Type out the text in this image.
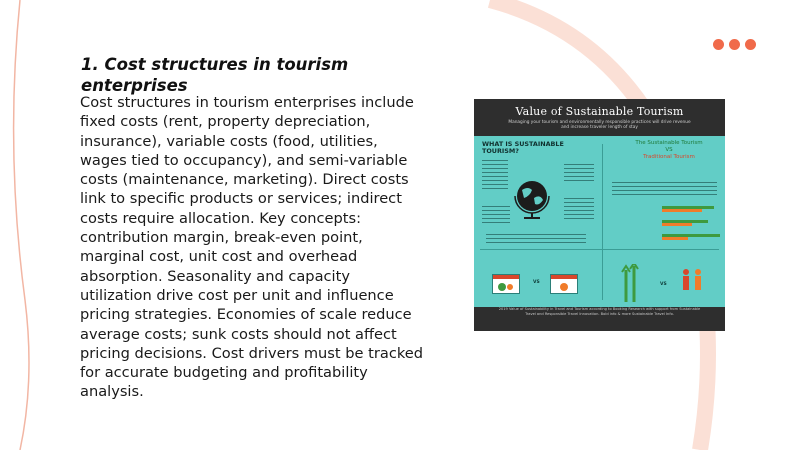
1. Cost structures in tourism enterprises

Cost structures in tourism enterprises include fixed costs (rent, property depreciation, insurance), variable costs (food, utilities, wages tied to occupancy), and semi-variable costs (maintenance, marketing). Direct costs link to specific products or services; indirect costs require allocation. Key concepts: contribution margin, break-even point, marginal cost, unit cost and overhead absorption. Seasonality and capacity utilization drive cost per unit and influence pricing strategies. Economies of scale reduce average costs; sunk costs should not affect pricing decisions. Cost drivers must be tracked for accurate budgeting and profitability analysis.

Value of Sustainable Tourism
Managing your tourism and environmentally responsible practices will drive revenue and increase traveler length of stay
WHAT IS SUSTAINABLE TOURISM?
The Sustainable Tourism
VS
Traditional Tourism
VS	VS
2019 Value of Sustainability in Travel and Tourism according to Booking Research with support from Sustainable Travel and Responsible Travel Innovation. Bold info & more Sustainable Travel Info.
